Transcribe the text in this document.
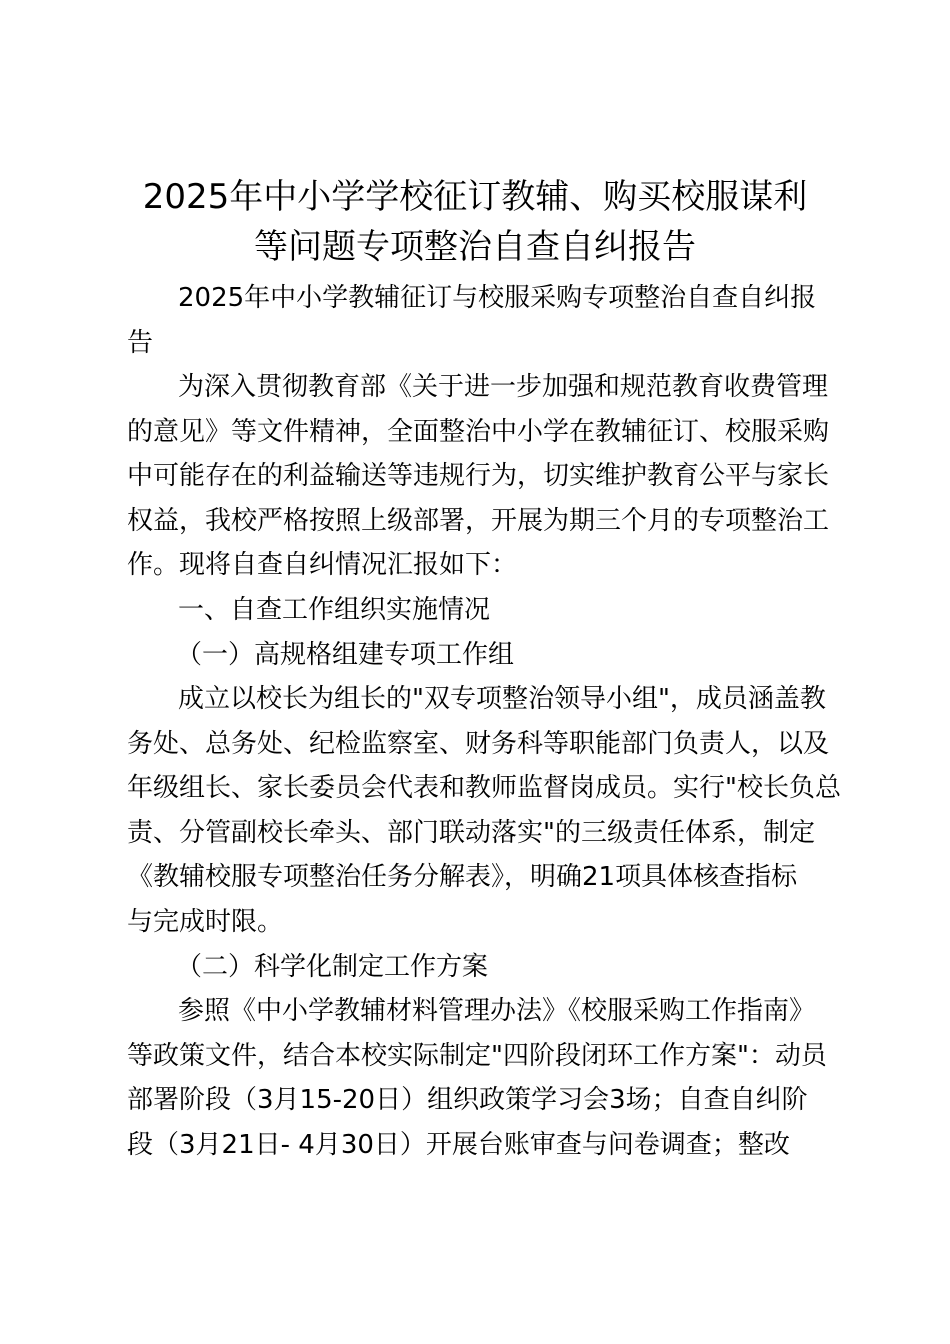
2025年中小学学校征订教辅、购买校服谋利
等问题专项整治自查自纠报告
2025年中小学教辅征订与校服采购专项整治自查自纠报
告
为深入贯彻教育部《关于进一步加强和规范教育收费管理
的意见》等文件精神，全面整治中小学在教辅征订、校服采购
中可能存在的利益输送等违规行为，切实维护教育公平与家长
权益，我校严格按照上级部署，开展为期三个月的专项整治工
作。现将自查自纠情况汇报如下：
一、自查工作组织实施情况
（一）高规格组建专项工作组
成立以校长为组长的"双专项整治领导小组"，成员涵盖教
务处、总务处、纪检监察室、财务科等职能部门负责人，以及
年级组长、家长委员会代表和教师监督岗成员。实行"校长负总
责、分管副校长牵头、部门联动落实"的三级责任体系，制定
《教辅校服专项整治任务分解表》，明确21项具体核查指标
与完成时限。
（二）科学化制定工作方案
参照《中小学教辅材料管理办法》《校服采购工作指南》
等政策文件，结合本校实际制定"四阶段闭环工作方案"：动员
部署阶段（3月15-20日）组织政策学习会3场；自查自纠阶
段（3月21日- 4月30日）开展台账审查与问卷调查；整改
